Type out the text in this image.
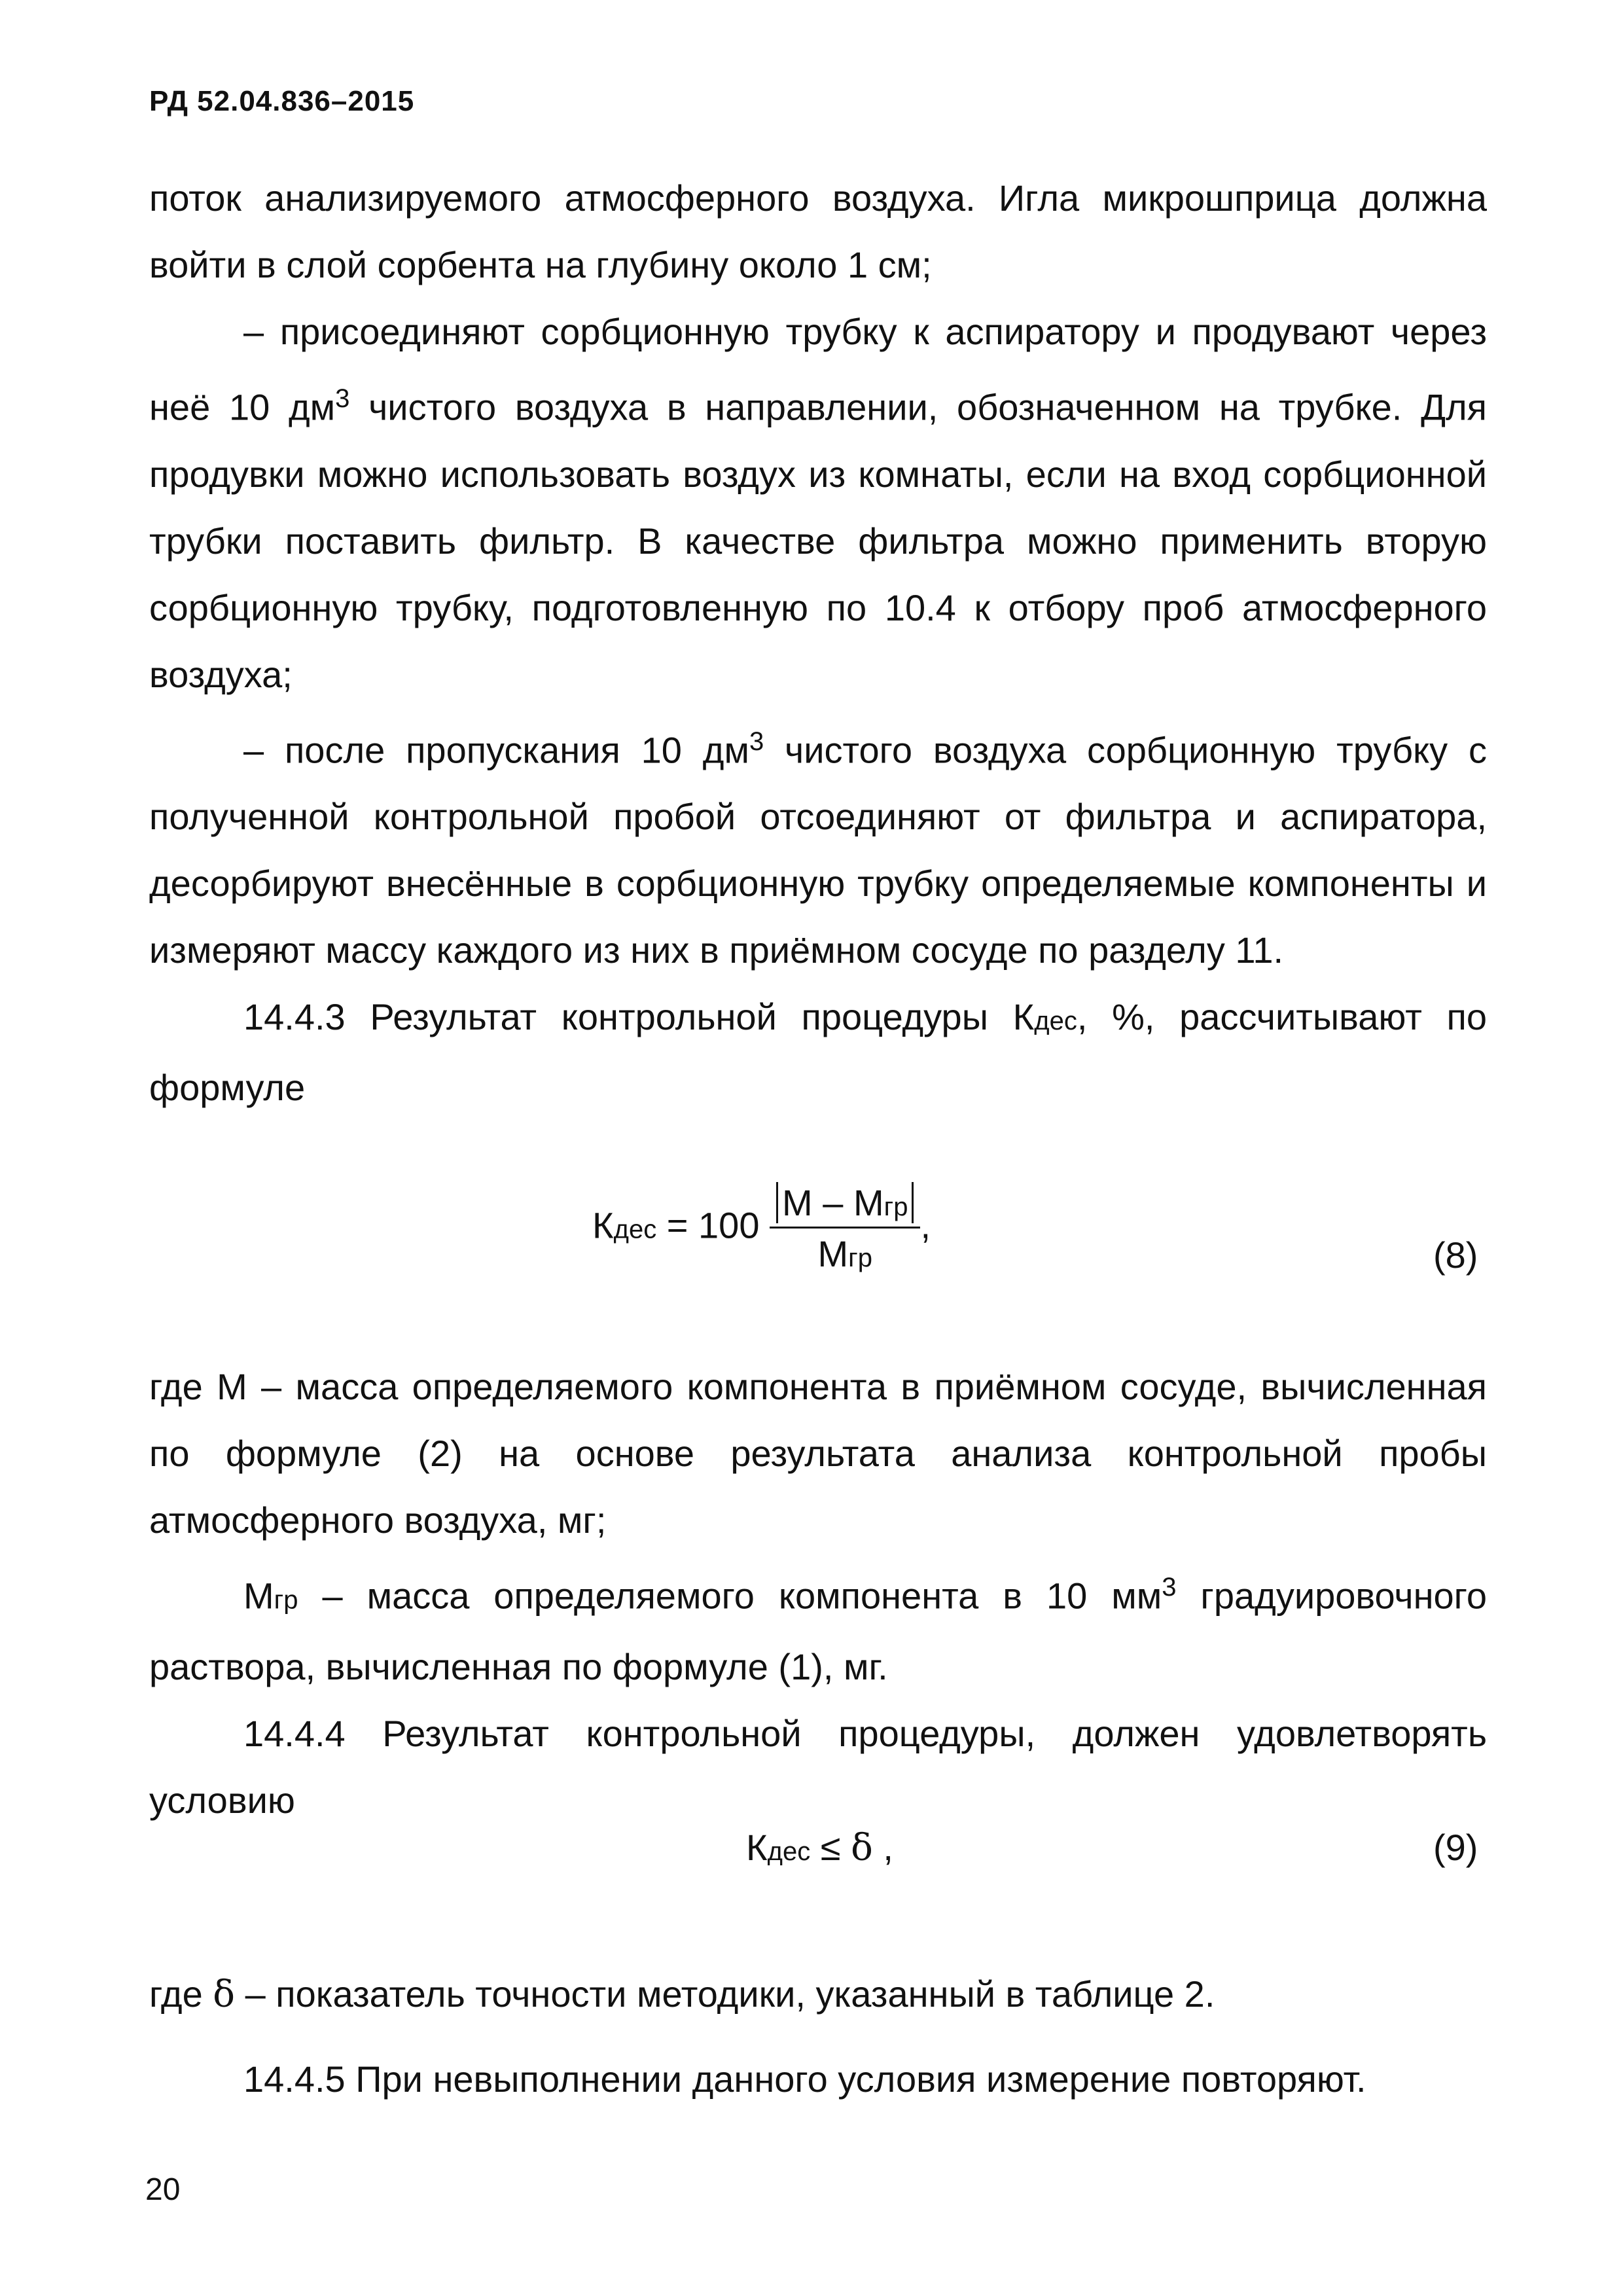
РД 52.04.836–2015

поток анализируемого атмосферного воздуха. Игла микрошприца должна войти в слой сорбента на глубину около 1 см;

– присоединяют сорбционную трубку к аспиратору и продувают через неё 10 $дм^3$ чистого воздуха в направлении, обозначенном на трубке. Для продувки можно использовать воздух из комнаты, если на вход сорбционной трубки поставить фильтр. В качестве фильтра можно применить вторую сорбционную трубку, подготовленную по 10.4 к отбору проб атмосферного воздуха;

– после пропускания 10 $дм^3$ чистого воздуха сорбционную трубку с полученной контрольной пробой отсоединяют от фильтра и аспиратора, десорбируют внесённые в сорбционную трубку определяемые компоненты и измеряют массу каждого из них в приёмном сосуде по разделу 11.

14.4.3 Результат контрольной процедуры Кдес, %, рассчитывают по формуле

Кдес = $100 \frac{\text{М – Мгр}}{\text{Мгр}}$ ,
(8)

где М – масса определяемого компонента в приёмном сосуде, вычисленная по формуле (2) на основе результата анализа контрольной пробы атмосферного воздуха, мг;

Мгр – масса определяемого компонента в 10 $мм^3$ градуировочного раствора, вычисленная по формуле (1), мг.

14.4.4 Результат контрольной процедуры, должен удовлетворять условию

Кдес ≤ δ ,	(9)

где δ – показатель точности методики, указанный в таблице 2.

14.4.5 При невыполнении данного условия измерение повторяют.

20
